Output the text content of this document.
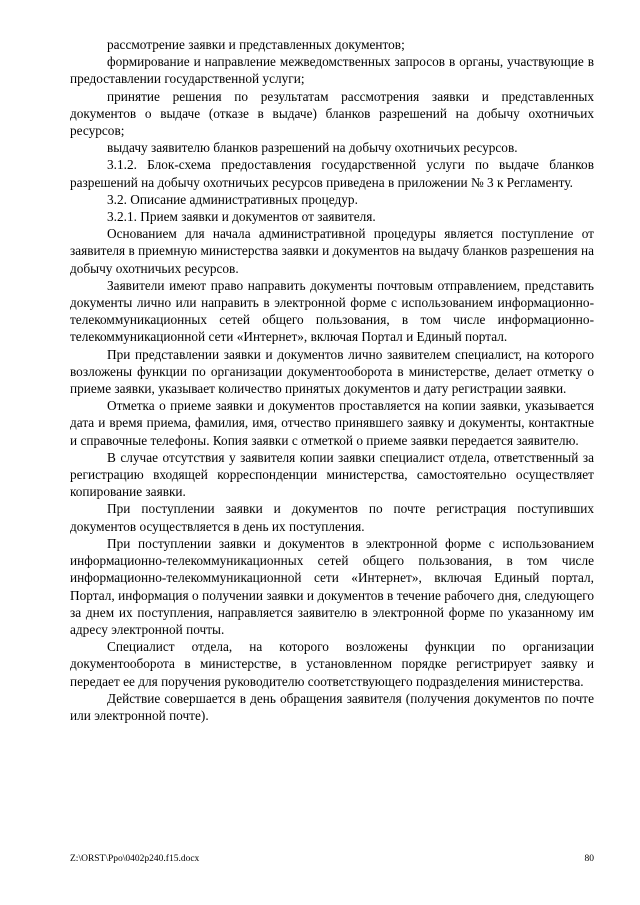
рассмотрение заявки и представленных документов;

формирование и направление межведомственных запросов в органы, участвующие в предоставлении государственной услуги;

принятие решения по результатам рассмотрения заявки и представленных документов о выдаче (отказе в выдаче) бланков разрешений на добычу охотничьих ресурсов;

выдачу заявителю бланков разрешений на добычу охотничьих ресурсов.

3.1.2. Блок-схема предоставления государственной услуги по выдаче бланков разрешений на добычу охотничьих ресурсов приведена в приложении № 3 к Регламенту.

3.2. Описание административных процедур.

3.2.1. Прием заявки и документов от заявителя.

Основанием для начала административной процедуры является поступление от заявителя в приемную министерства заявки и документов на выдачу бланков разрешения на добычу охотничьих ресурсов.

Заявители имеют право направить документы почтовым отправлением, представить документы лично или направить в электронной форме с использованием информационно-телекоммуникационных сетей общего пользования, в том числе информационно-телекоммуникационной сети «Интернет», включая Портал и Единый портал.

При представлении заявки и документов лично заявителем специалист, на которого возложены функции по организации документооборота в министерстве, делает отметку о приеме заявки, указывает количество принятых документов и дату регистрации заявки.

Отметка о приеме заявки и документов проставляется на копии заявки, указывается дата и время приема, фамилия, имя, отчество принявшего заявку и документы, контактные и справочные телефоны. Копия заявки с отметкой о приеме заявки передается заявителю.

В случае отсутствия у заявителя копии заявки специалист отдела, ответственный за регистрацию входящей корреспонденции министерства, самостоятельно осуществляет копирование заявки.

При поступлении заявки и документов по почте регистрация поступивших документов осуществляется в день их поступления.

При поступлении заявки и документов в электронной форме с использованием информационно-телекоммуникационных сетей общего пользования, в том числе информационно-телекоммуникационной сети «Интернет», включая Единый портал, Портал, информация о получении заявки и документов в течение рабочего дня, следующего за днем их поступления, направляется заявителю в электронной форме по указанному им адресу электронной почты.

Специалист отдела, на которого возложены функции по организации документооборота в министерстве, в установленном порядке регистрирует заявку и передает ее для поручения руководителю соответствующего подразделения министерства.

Действие совершается в день обращения заявителя (получения документов по почте или электронной почте).

Z:\ORST\Ppo\0402p240.f15.docx	80
